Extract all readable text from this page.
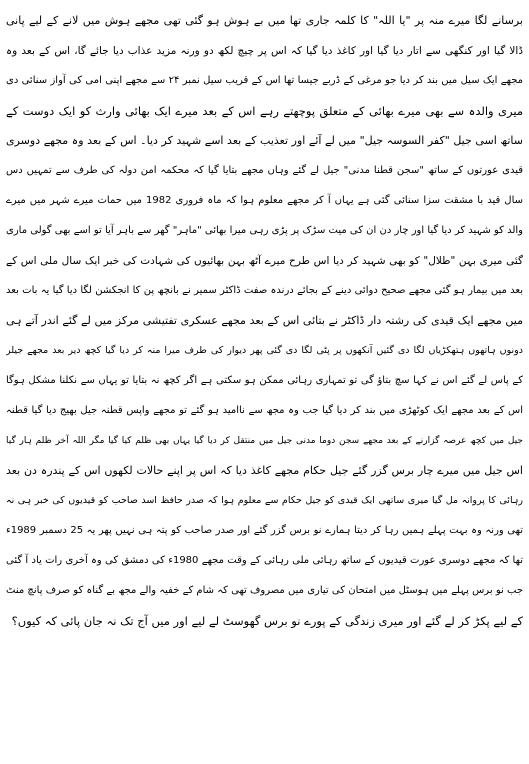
برسانے لگا میرے منہ پر "یا اللہ" کا کلمہ جاری تھا میں بے ہوش ہو گئی تھی مجھے ہوش میں لانے کے لیے پانی
ڈالا گیا اور کنگھی سے اتار دیا گیا اور کاغذ دیا گیا کہ اس پر چیچ لکھ دو ورنہ مزید عذاب دیا جائے گا، اس کے بعد وہ
مجھے ایک سیل میں بند کر دیا جو مرغی کے ڈربے جیسا تھا اس کے قریب سیل نمبر ۲۴ سے مجھے اپنی امی کی آواز سنائی دی
میری والدہ سے بھی میرے بھائی کے متعلق پوچھتے رہے اس کے بعد میرے ایک بھائی وارث کو ایک دوست کے
ساتھ اسی جیل "کفر السوسہ جیل" میں لے آئے اور تعذیب کے بعد اسے شہید کر دیا۔ اس کے بعد وہ مجھے دوسری
قیدی عورتوں کے ساتھ "سجن قطنا مدنی" جیل لے گئے وہاں مجھے بتایا گیا کہ محکمہ امن دولہ کی طرف سے تمہیں دس
سال قید با مشقت سزا سنائی گئی ہے یہاں آ کر مجھے معلوم ہوا کہ ماہ فروری 1982 میں حمات میرے شہر میں میرے
والد کو شہید کر دیا گیا اور چار دن ان کی میت سڑک پر پڑی رہی میرا بھائی "ماہر" گھر سے باہر آیا تو اسے بھی گولی ماری
گئی میری بہن "طلال" کو بھی شہید کر دیا اس طرح میرے آٹھ بہن بھائیوں کی شہادت کی خبر ایک سال ملی اس کے
بعد میں بیمار ہو گئی مجھے صحیح دوائی دینے کے بجائے درندہ صفت ڈاکٹر سمیر نے بانچھ پن کا انجکشن لگا دیا گیا یہ بات بعد
میں مجھے ایک قیدی کی رشتہ دار ڈاکٹر نے بتائی اس کے بعد مجھے عسکری تفتیشی مرکز میں لے گئے اندر آتے ہی
دونوں ہاتھوں ہتھکڑیاں لگا دی گئیں آنکھوں پر پٹی لگا دی گئی پھر دیوار کی طرف میرا منہ کر دیا گیا کچھ دیر بعد مجھے جیلر
کے پاس لے گئے اس نے کہا سچ بتاؤ گی تو تمہاری رہائی ممکن ہو سکتی ہے اگر کچھ نہ بتایا تو یہاں سے نکلنا مشکل ہوگا
اس کے بعد مجھے ایک کوٹھڑی میں بند کر دیا گیا جب وہ مجھ سے ناامید ہو گئے تو مجھے واپس قطنہ جیل بھیج دیا گیا قطنہ
جیل میں کچھ عرصہ گزارنے کے بعد مجھے سجن دوما مدنی جیل میں منتقل کر دیا گیا یہاں بھی ظلم کیا گیا مگر اللہ آخر ظلم ہار گیا
اس جیل میں میرے چار برس گزر گئے جیل حکام مجھے کاغذ دیا کہ اس پر اپنے حالات لکھوں اس کے پندرہ دن بعد
رہائی کا پروانہ مل گیا میری ساتھی ایک قیدی کو جیل حکام سے معلوم ہوا کہ صدر حافظ اسد صاحب کو قیدیوں کی خبر ہی نہ
تھی ورنہ وہ بہت پہلے ہمیں رہا کر دیتا ہمارے نو برس گزر گئے اور صدر صاحب کو پتہ ہی نہیں پھر یہ 25 دسمبر 1989ء
تھا کہ مجھے دوسری عورت قیدیوں کے ساتھ رہائی ملی رہائی کے وقت مجھے 1980ء کی دمشق کی وہ آخری رات یاد آ گئی
جب نو برس پہلے میں ہوسٹل میں امتحان کی تیاری میں مصروف تھی کہ شام کے خفیہ والے مجھ بے گناہ کو صرف پانچ منٹ
کے لیے پکڑ کر لے گئے اور میری زندگی کے پورے نو برس گھوسٹ لے لیے اور میں آج تک نہ جان پائی کہ کیوں؟
